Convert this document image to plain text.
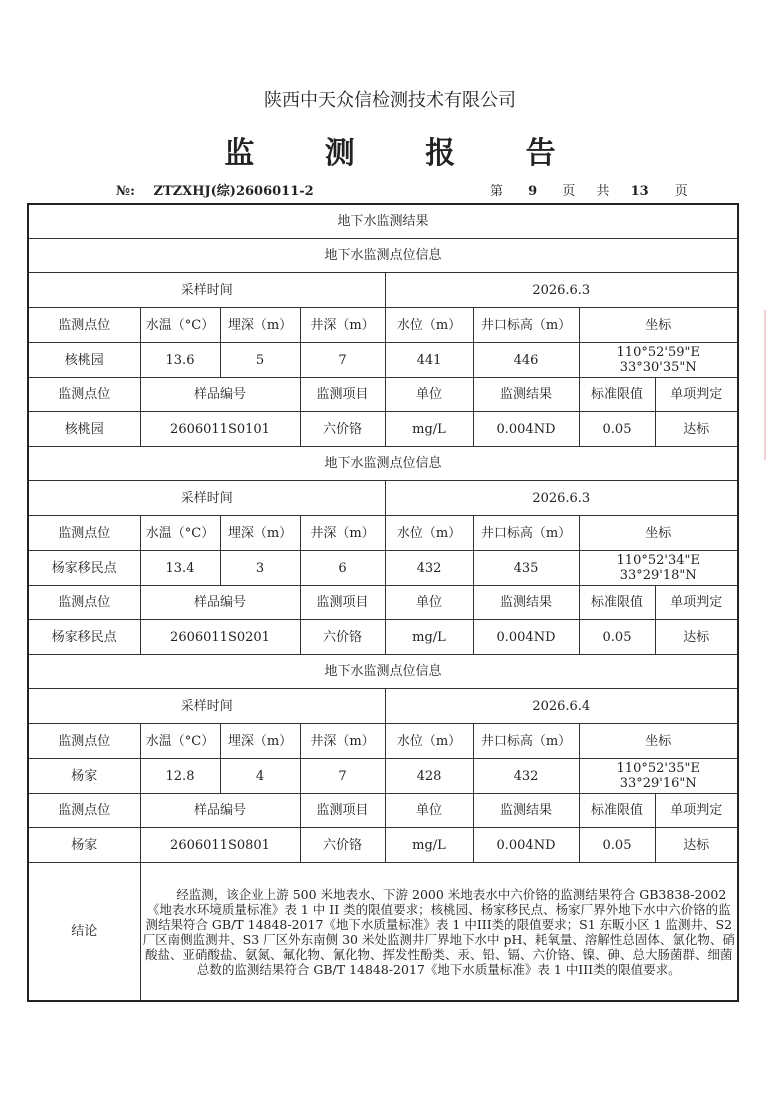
陕西中天众信检测技术有限公司
监 测 报 告
№: ZTZXHJ(综)2606011-2	第 9 页 共 13 页
地下水监测结果							
地下水监测点位信息							
采样时间				2026.6.3			
监测点位	水温（°C）	埋深（m）	井深（m）	水位（m）	井口标高（m）	坐标	
核桃园	13.6	5	7	441	446	110°52'59"E
33°30'35"N	

监测点位	样品编号		监测项目	单位	监测结果	标准限值	单项判定
核桃园	2606011S0101		六价铬	mg/L	0.004ND	0.05	达标
地下水监测点位信息							
采样时间				2026.6.3			
监测点位	水温（°C）	埋深（m）	井深（m）	水位（m）	井口标高（m）	坐标	
杨家移民点	13.4	3	6	432	435	110°52'34"E
33°29'18"N	

监测点位	样品编号		监测项目	单位	监测结果	标准限值	单项判定
杨家移民点	2606011S0201		六价铬	mg/L	0.004ND	0.05	达标
地下水监测点位信息							
采样时间				2026.6.4			
监测点位	水温（°C）	埋深（m）	井深（m）	水位（m）	井口标高（m）	坐标	
杨家	12.8	4	7	428	432	110°52'35"E
33°29'16"N	

监测点位	样品编号		监测项目	单位	监测结果	标准限值	单项判定
杨家	2606011S0801		六价铬	mg/L	0.004ND	0.05	达标
结论	经监测，该企业上游 500 米地表水、下游 2000 米地表水中六价铬的监测结果符合 GB3838-2002《地表水环境质量标准》表 1 中 II 类的限值要求；核桃园、杨家移民点、杨家厂界外地下水中六价铬的监测结果符合 GB/T 14848-2017《地下水质量标准》表 1 中III类的限值要求；S1 东畈小区 1 监测井、S2 厂区南侧监测井、S3 厂区外东南侧 30 米处监测井厂界地下水中 pH、耗氧量、溶解性总固体、氯化物、硝酸盐、亚硝酸盐、氨氮、氟化物、氰化物、挥发性酚类、汞、铅、镉、六价铬、镍、砷、总大肠菌群、细菌总数的监测结果符合 GB/T 14848-2017《地下水质量标准》表 1 中III类的限值要求。						
